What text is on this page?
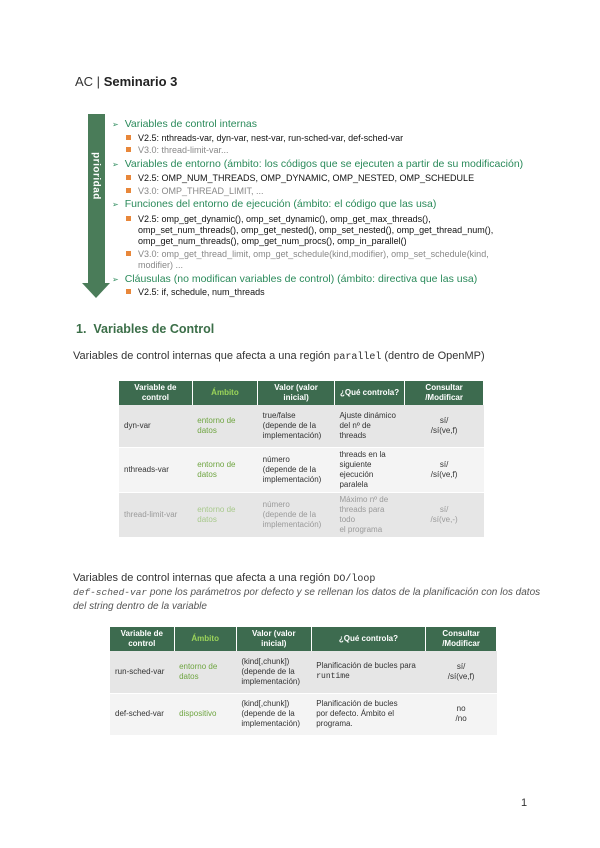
AC | Seminario 3
prioridad
➢ Variables de control internas
V2.5: nthreads-var, dyn-var, nest-var, run-sched-var, def-sched-var
V3.0: thread-limit-var...
➢ Variables de entorno (ámbito: los códigos que se ejecuten a partir de su modificación)
V2.5: OMP_NUM_THREADS, OMP_DYNAMIC, OMP_NESTED, OMP_SCHEDULE
V3.0: OMP_THREAD_LIMIT, ...
➢ Funciones del entorno de ejecución (ámbito: el código que las usa)
V2.5: omp_get_dynamic(), omp_set_dynamic(), omp_get_max_threads(),
omp_set_num_threads(), omp_get_nested(), omp_set_nested(), omp_get_thread_num(),
omp_get_num_threads(), omp_get_num_procs(), omp_in_parallel()
V3.0: omp_get_thread_limit, omp_get_schedule(kind,modifier), omp_set_schedule(kind,
modifier) ...
➢ Cláusulas (no modifican variables de control) (ámbito: directiva que las usa)
V2.5: if, schedule, num_threads
1. Variables de Control
Variables de control internas que afecta a una región parallel (dentro de OpenMP)
Variable de control	Ámbito	Valor (valor inicial)	¿Qué controla?	Consultar /Modificar
dyn-var	entorno de datos	true/false
(depende de la
implementación)	Ajuste dinámico
del nº de threads	sí/
/sí(ve,f)
nthreads-var	entorno de datos	número
(depende de la
implementación)	threads en la
siguiente
ejecución paralela	sí/
/sí(ve,f)
thread-limit-var	entorno de datos	número
(depende de la
implementación)	Máximo nº de
threads para todo
el programa	sí/
/sí(ve,-)
Variables de control internas que afecta a una región DO/loop
def-sched-var pone los parámetros por defecto y se rellenan los datos de la planificación con los datos del string dentro de la variable
Variable de control	Ámbito	Valor (valor inicial)	¿Qué controla?	Consultar /Modificar
run-sched-var	entorno de datos	(kind[,chunk])
(depende de la
implementación)	Planificación de bucles para runtime	sí/
/sí(ve,f)
def-sched-var	dispositivo	(kind[,chunk])
(depende de la
implementación)	Planificación de bucles
por defecto. Ámbito el
programa.	no
/no
1
